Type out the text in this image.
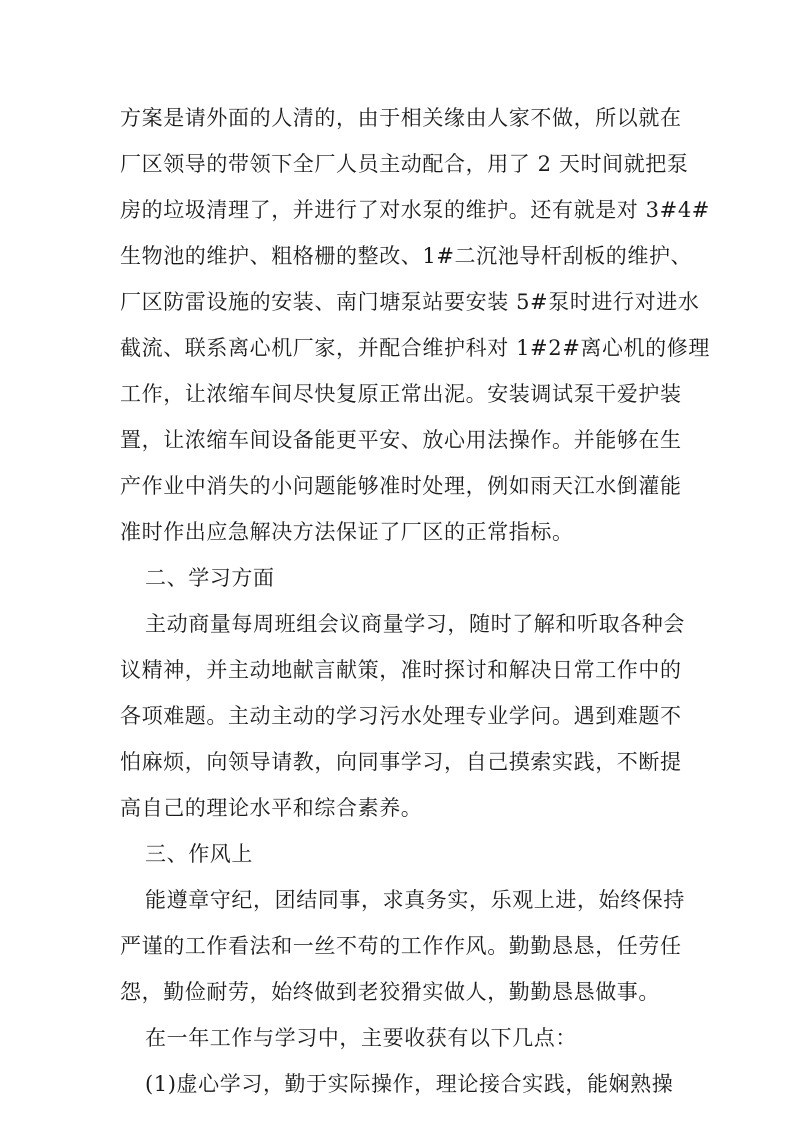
方案是请外面的人清的，由于相关缘由人家不做，所以就在
厂区领导的带领下全厂人员主动配合，用了 2 天时间就把泵
房的垃圾清理了，并进行了对水泵的维护。还有就是对 3#4#
生物池的维护、粗格栅的整改、1#二沉池导杆刮板的维护、
厂区防雷设施的安装、南门塘泵站要安装 5#泵时进行对进水
截流、联系离心机厂家，并配合维护科对 1#2#离心机的修理
工作，让浓缩车间尽快复原正常出泥。安装调试泵干爱护装
置，让浓缩车间设备能更平安、放心用法操作。并能够在生
产作业中消失的小问题能够准时处理，例如雨天江水倒灌能
准时作出应急解决方法保证了厂区的正常指标。
二、学习方面
主动商量每周班组会议商量学习，随时了解和听取各种会
议精神，并主动地献言献策，准时探讨和解决日常工作中的
各项难题。主动主动的学习污水处理专业学问。遇到难题不
怕麻烦，向领导请教，向同事学习，自己摸索实践，不断提
高自己的理论水平和综合素养。
三、作风上
能遵章守纪，团结同事，求真务实，乐观上进，始终保持
严谨的工作看法和一丝不苟的工作作风。勤勤恳恳，任劳任
怨，勤俭耐劳，始终做到老狡猾实做人，勤勤恳恳做事。
在一年工作与学习中，主要收获有以下几点：
(1)虚心学习，勤于实际操作，理论接合实践，能娴熟操
